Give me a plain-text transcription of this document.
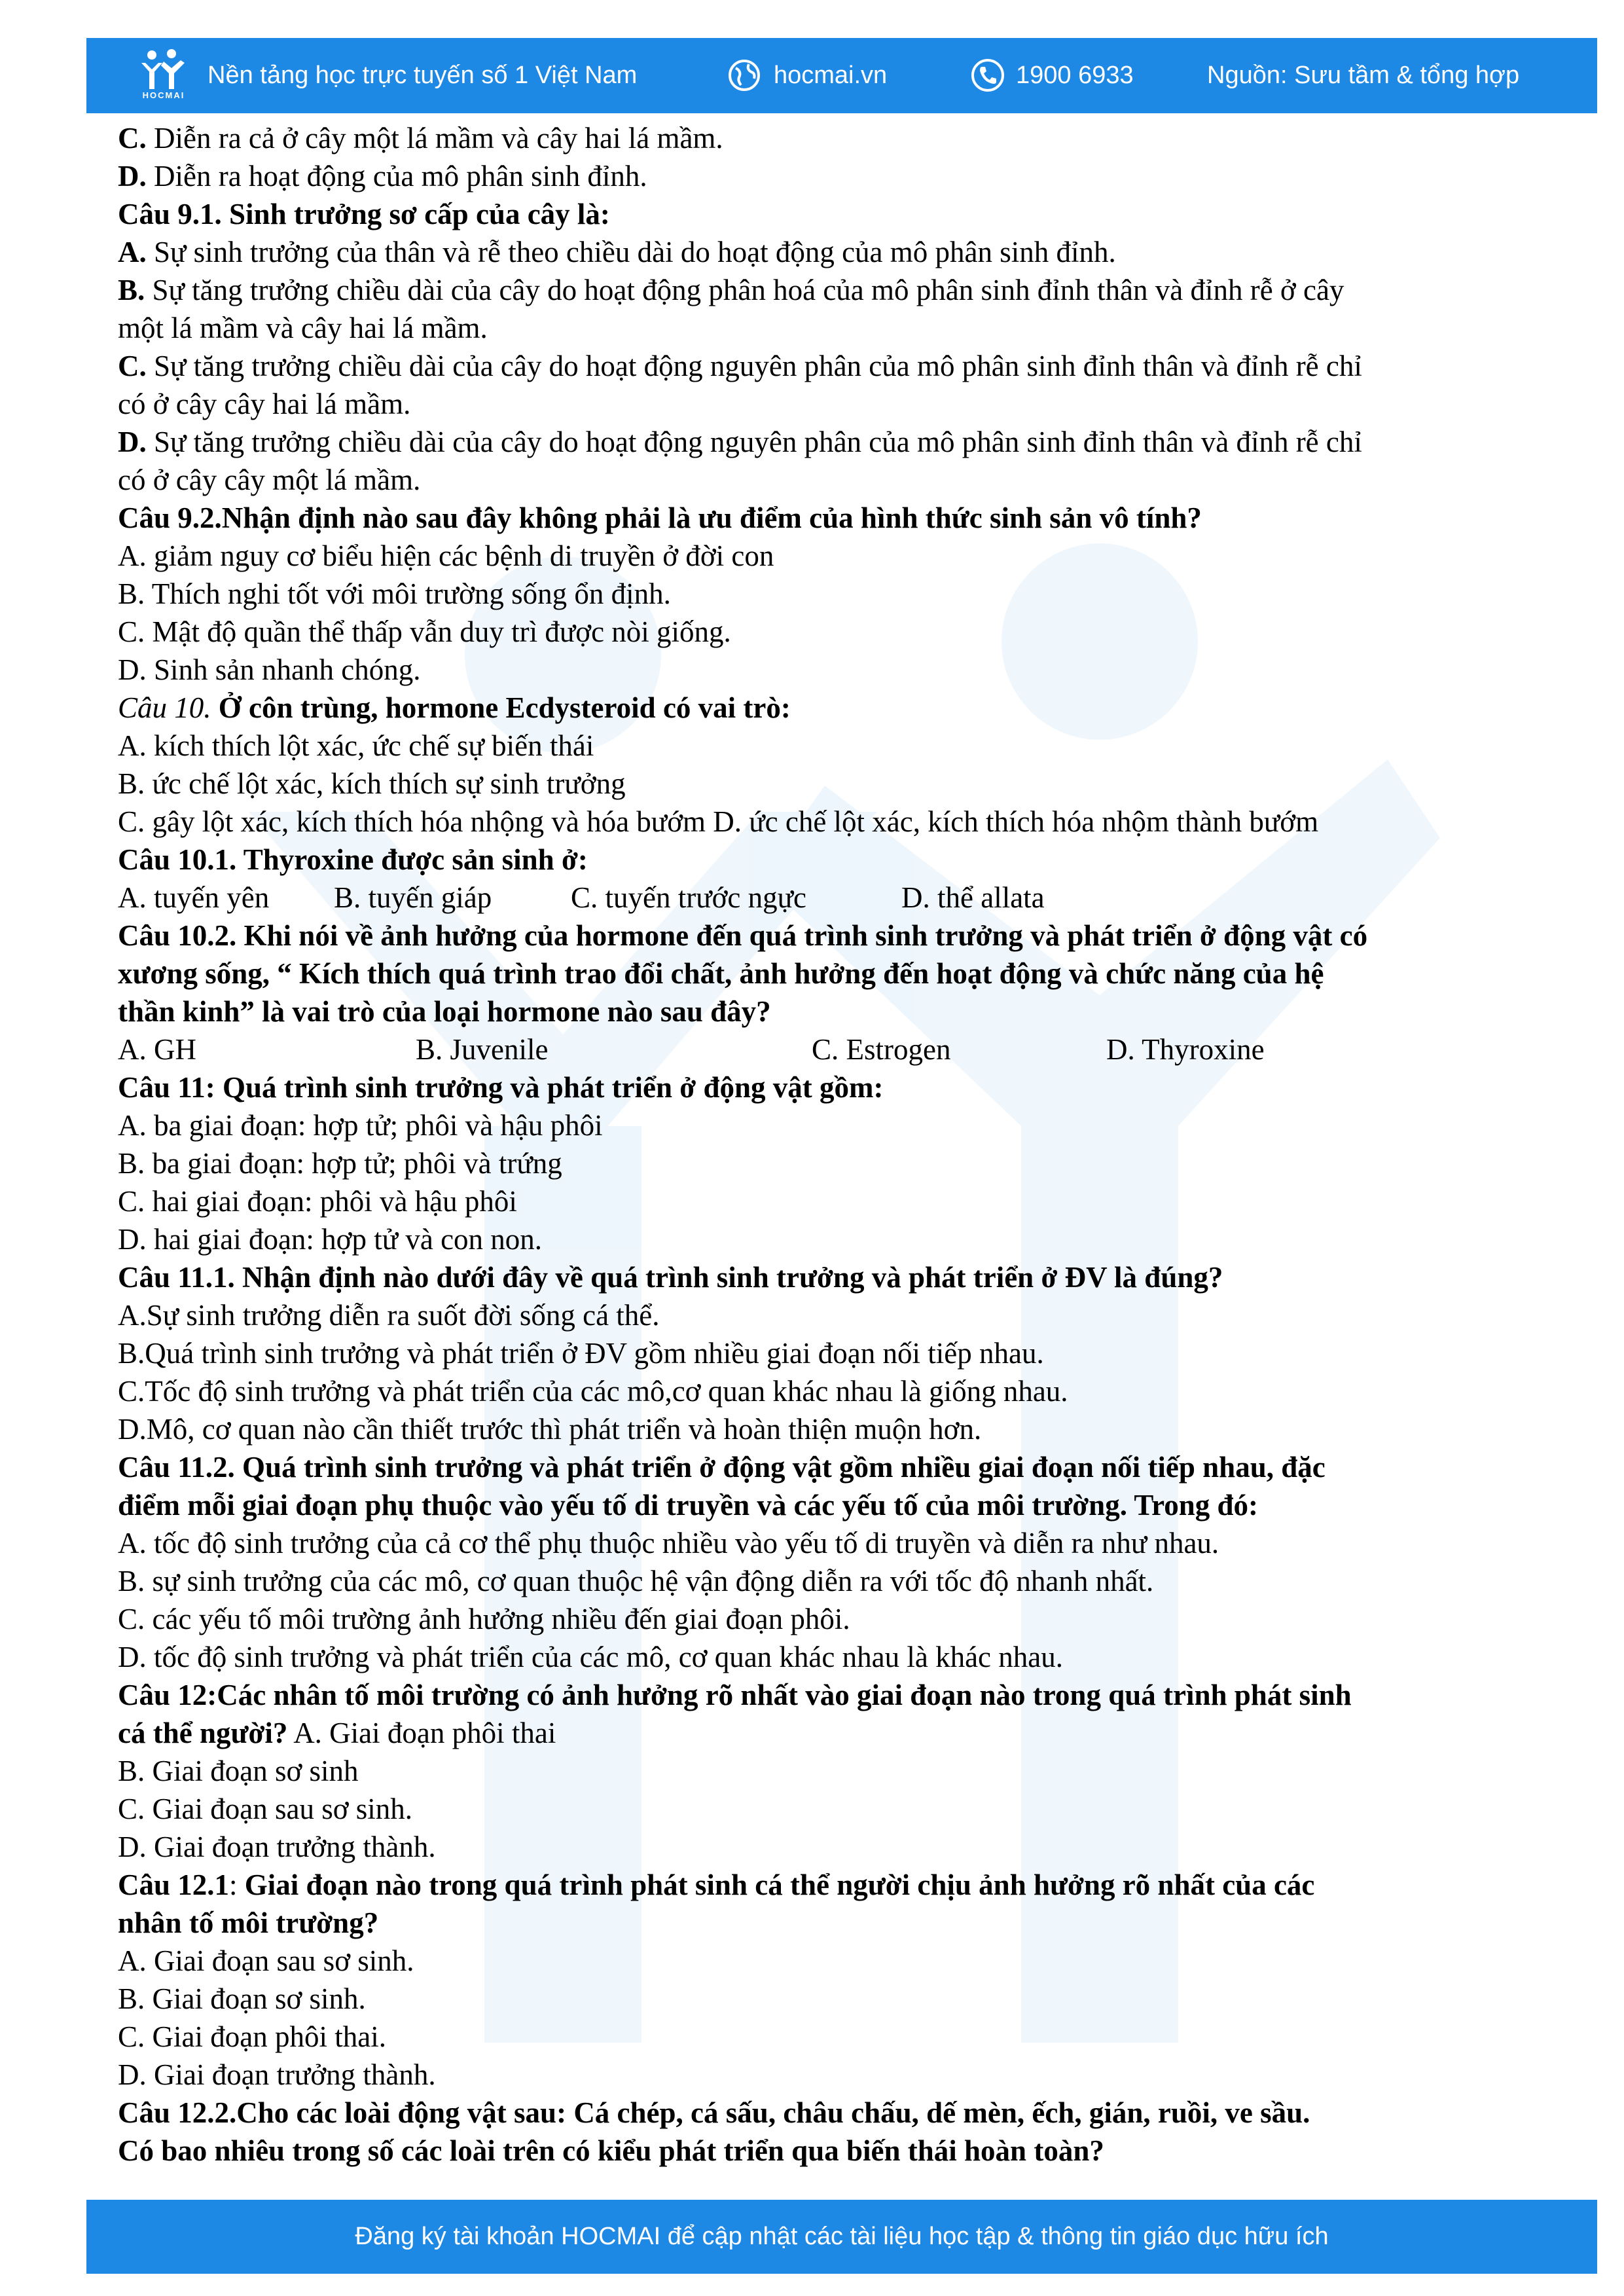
HOCMAI
Nền tảng học trực tuyến số 1 Việt Nam	hocmai.vn	1900 6933	Nguồn: Sưu tầm & tổng hợp
C. Diễn ra cả ở cây một lá mầm và cây hai lá mầm.
D. Diễn ra hoạt động của mô phân sinh đỉnh.
Câu 9.1. Sinh trưởng sơ cấp của cây là:
A. Sự sinh trưởng của thân và rễ theo chiều dài do hoạt động của mô phân sinh đỉnh.
B. Sự tăng trưởng chiều dài của cây do hoạt động phân hoá của mô phân sinh đỉnh thân và đỉnh rễ ở cây
một lá mầm và cây hai lá mầm.
C. Sự tăng trưởng chiều dài của cây do hoạt động nguyên phân của mô phân sinh đỉnh thân và đỉnh rễ chỉ
có ở cây cây hai lá mầm.
D. Sự tăng trưởng chiều dài của cây do hoạt động nguyên phân của mô phân sinh đỉnh thân và đỉnh rễ chỉ
có ở cây cây một lá mầm.
Câu 9.2.Nhận định nào sau đây không phải là ưu điểm của hình thức sinh sản vô tính?
A. giảm nguy cơ biểu hiện các bệnh di truyền ở đời con
B. Thích nghi tốt với môi trường sống ổn định.
C. Mật độ quần thể thấp vẫn duy trì được nòi giống.
D. Sinh sản nhanh chóng.
Câu 10. Ở côn trùng, hormone Ecdysteroid có vai trò:
A. kích thích lột xác, ức chế sự biến thái
B. ức chế lột xác, kích thích sự sinh trưởng
C. gây lột xác, kích thích hóa nhộng và hóa bướm D. ức chế lột xác, kích thích hóa nhộm thành bướm
Câu 10.1. Thyroxine được sản sinh ở:
A. tuyến yên B. tuyến giáp	C. tuyến trước ngực	D. thể allata
Câu 10.2. Khi nói về ảnh hưởng của hormone đến quá trình sinh trưởng và phát triển ở động vật có
xương sống, “ Kích thích quá trình trao đổi chất, ảnh hưởng đến hoạt động và chức năng của hệ
thần kinh” là vai trò của loại hormone nào sau đây?
A. GH	B. Juvenile	C. Estrogen	D. Thyroxine
Câu 11: Quá trình sinh trưởng và phát triển ở động vật gồm:
A. ba giai đoạn: hợp tử; phôi và hậu phôi
B. ba giai đoạn: hợp tử; phôi và trứng
C. hai giai đoạn: phôi và hậu phôi
D. hai giai đoạn: hợp tử và con non.
Câu 11.1. Nhận định nào dưới đây về quá trình sinh trưởng và phát triển ở ĐV là đúng?
A.Sự sinh trưởng diễn ra suốt đời sống cá thể.
B.Quá trình sinh trưởng và phát triển ở ĐV gồm nhiều giai đoạn nối tiếp nhau.
C.Tốc độ sinh trưởng và phát triển của các mô,cơ quan khác nhau là giống nhau.
D.Mô, cơ quan nào cần thiết trước thì phát triển và hoàn thiện muộn hơn.
Câu 11.2. Quá trình sinh trưởng và phát triển ở động vật gồm nhiều giai đoạn nối tiếp nhau, đặc
điểm mỗi giai đoạn phụ thuộc vào yếu tố di truyền và các yếu tố của môi trường. Trong đó:
A. tốc độ sinh trưởng của cả cơ thể phụ thuộc nhiều vào yếu tố di truyền và diễn ra như nhau.
B. sự sinh trưởng của các mô, cơ quan thuộc hệ vận động diễn ra với tốc độ nhanh nhất.
C. các yếu tố môi trường ảnh hưởng nhiều đến giai đoạn phôi.
D. tốc độ sinh trưởng và phát triển của các mô, cơ quan khác nhau là khác nhau.
Câu 12:Các nhân tố môi trường có ảnh hưởng rõ nhất vào giai đoạn nào trong quá trình phát sinh
cá thể người? A. Giai đoạn phôi thai
B. Giai đoạn sơ sinh
C. Giai đoạn sau sơ sinh.
D. Giai đoạn trưởng thành.
Câu 12.1: Giai đoạn nào trong quá trình phát sinh cá thể người chịu ảnh hưởng rõ nhất của các
nhân tố môi trường?
A. Giai đoạn sau sơ sinh.
B. Giai đoạn sơ sinh.
C. Giai đoạn phôi thai.
D. Giai đoạn trưởng thành.
Câu 12.2.Cho các loài động vật sau: Cá chép, cá sấu, châu chấu, dế mèn, ếch, gián, ruồi, ve sầu.
Có bao nhiêu trong số các loài trên có kiểu phát triển qua biến thái hoàn toàn?
Đăng ký tài khoản HOCMAI để cập nhật các tài liệu học tập & thông tin giáo dục hữu ích
